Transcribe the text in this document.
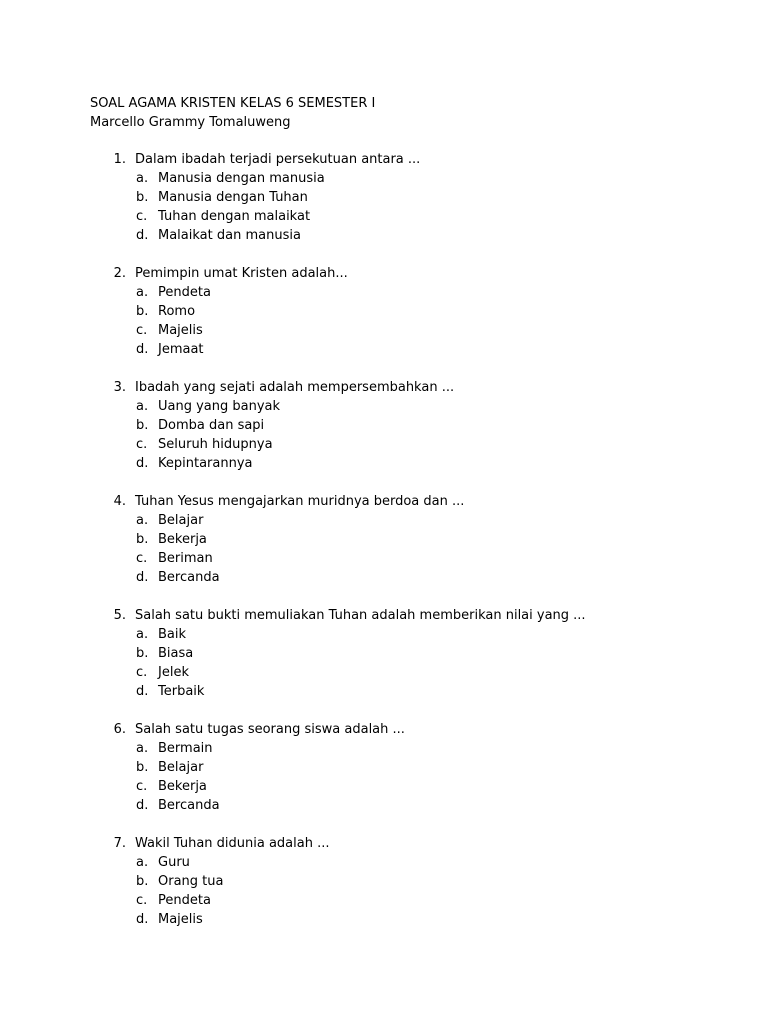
SOAL AGAMA KRISTEN KELAS 6 SEMESTER I
Marcello Grammy Tomaluweng
1. Dalam ibadah terjadi persekutuan antara ...
a. Manusia dengan manusia
b. Manusia dengan Tuhan
c. Tuhan dengan malaikat
d. Malaikat dan manusia
2. Pemimpin umat Kristen adalah...
a. Pendeta
b. Romo
c. Majelis
d. Jemaat
3. Ibadah yang sejati adalah mempersembahkan ...
a. Uang yang banyak
b. Domba dan sapi
c. Seluruh hidupnya
d. Kepintarannya
4. Tuhan Yesus mengajarkan muridnya berdoa dan ...
a. Belajar
b. Bekerja
c. Beriman
d. Bercanda
5. Salah satu bukti memuliakan Tuhan adalah memberikan nilai yang ...
a. Baik
b. Biasa
c. Jelek
d. Terbaik
6. Salah satu tugas seorang siswa adalah ...
a. Bermain
b. Belajar
c. Bekerja
d. Bercanda
7. Wakil Tuhan didunia adalah ...
a. Guru
b. Orang tua
c. Pendeta
d. Majelis
